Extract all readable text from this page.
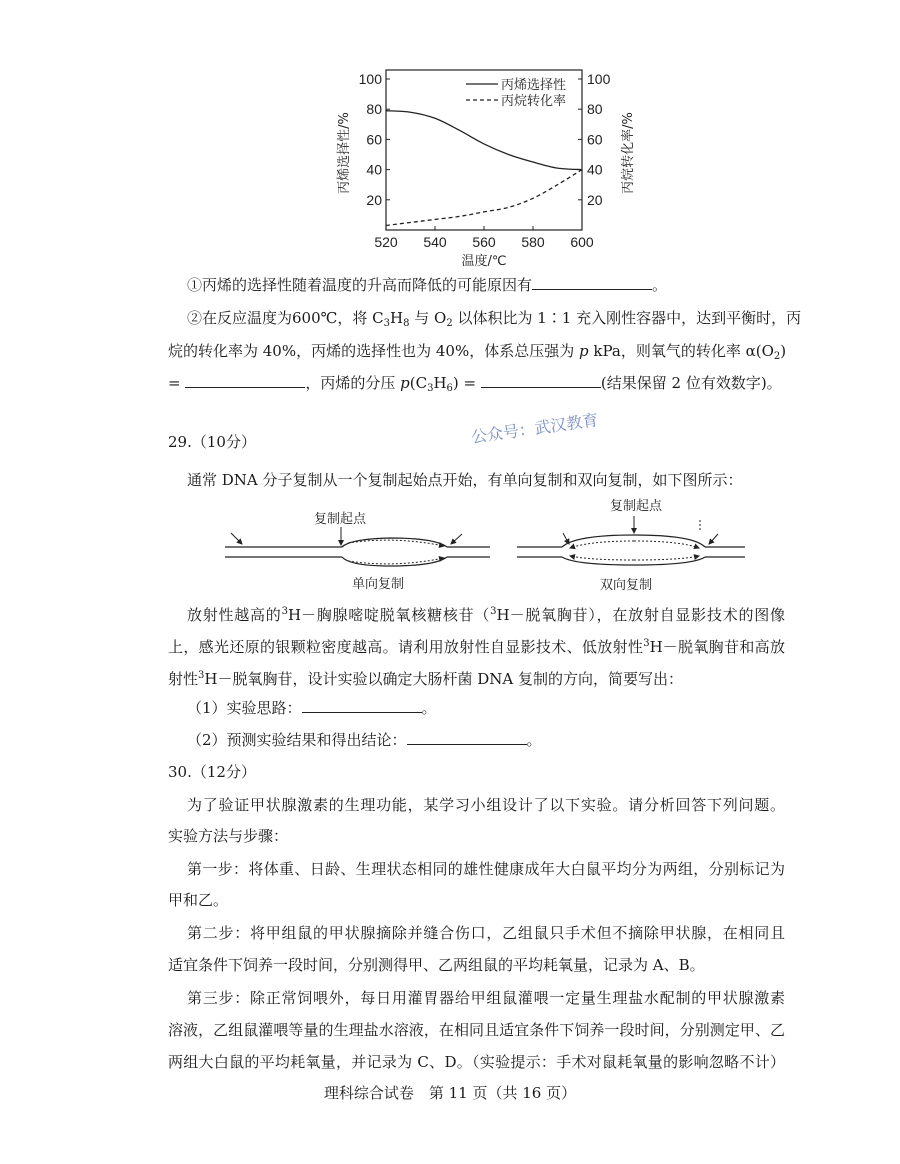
20	20
40	40
60	60
80	80
100	100
520 540 560 580 600
温度/℃
丙烯选择性/%	丙烷转化率/%
丙烯选择性
丙烷转化率
①丙烯的选择性随着温度的升高而降低的可能原因有	。
②在反应温度为600℃，将 $C_3H_8$ 与 $O_2$ 以体积比为 1∶1 充入刚性容器中，达到平衡时，丙
烷的转化率为 40%，丙烯的选择性也为 40%，体系总压强为 p kPa，则氧气的转化率 $\alpha(O_2)$
=	，丙烯的分压 $p(C_3H_6)$ =	(结果保留 2 位有效数字)。
29.（10分）	公众号：武汉教育
通常 DNA 分子复制从一个复制起始点开始，有单向复制和双向复制，如下图所示：
复制起点
单向复制
复制起点
双向复制
放射性越高的$^3$H－胸腺嘧啶脱氧核糖核苷（$^3$H－脱氧胸苷），在放射自显影技术的图像
上，感光还原的银颗粒密度越高。请利用放射性自显影技术、低放射性$^3$H－脱氧胸苷和高放
射性$^3$H－脱氧胸苷，设计实验以确定大肠杆菌 DNA 复制的方向，简要写出：
（1）实验思路：	。
（2）预测实验结果和得出结论：	。
30.（12分）
为了验证甲状腺激素的生理功能，某学习小组设计了以下实验。请分析回答下列问题。
实验方法与步骤：
第一步：将体重、日龄、生理状态相同的雄性健康成年大白鼠平均分为两组，分别标记为
甲和乙。
第二步：将甲组鼠的甲状腺摘除并缝合伤口，乙组鼠只手术但不摘除甲状腺，在相同且
适宜条件下饲养一段时间，分别测得甲、乙两组鼠的平均耗氧量，记录为 A、B。
第三步：除正常饲喂外，每日用灌胃器给甲组鼠灌喂一定量生理盐水配制的甲状腺激素
溶液，乙组鼠灌喂等量的生理盐水溶液，在相同且适宜条件下饲养一段时间，分别测定甲、乙
两组大白鼠的平均耗氧量，并记录为 C、D。（实验提示：手术对鼠耗氧量的影响忽略不计）
理科综合试卷　第 11 页（共 16 页）
